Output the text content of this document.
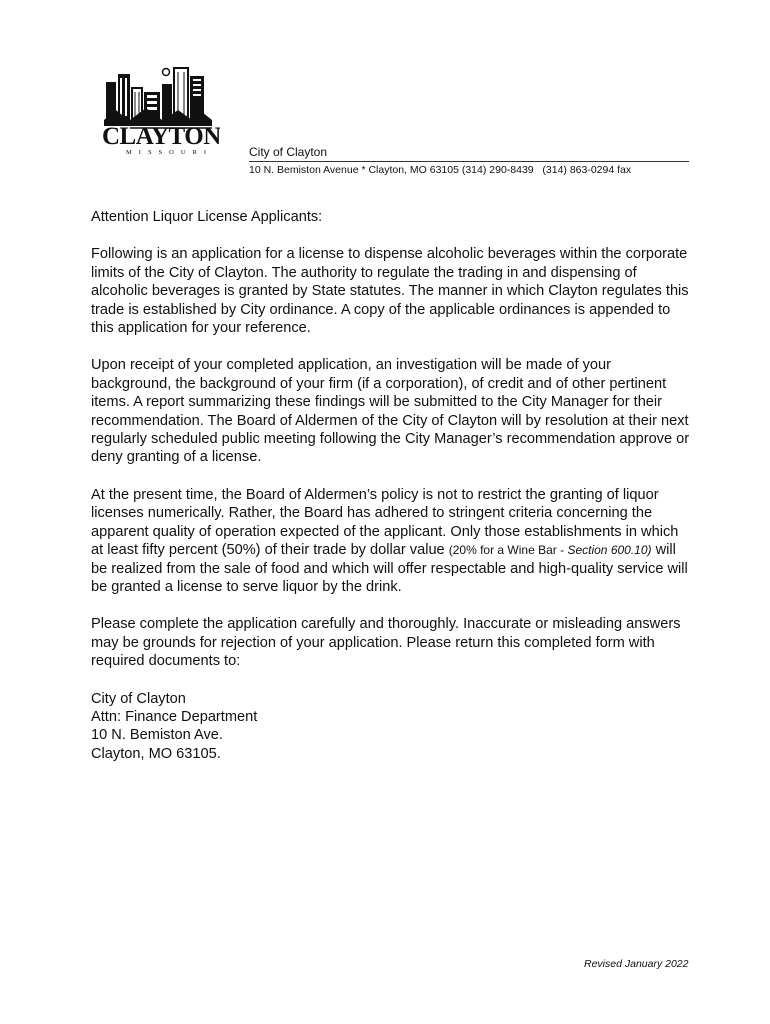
CLAYTON
MISSOURI	City of Clayton
10 N. Bemiston Avenue * Clayton, MO 63105 (314) 290-8439   (314) 863-0294 fax

Attention Liquor License Applicants:

Following is an application for a license to dispense alcoholic beverages within the corporate limits of the City of Clayton. The authority to regulate the trading in and dispensing of alcoholic beverages is granted by State statutes. The manner in which Clayton regulates this trade is established by City ordinance. A copy of the applicable ordinances is appended to this application for your reference.

Upon receipt of your completed application, an investigation will be made of your background, the background of your firm (if a corporation), of credit and of other pertinent items. A report summarizing these findings will be submitted to the City Manager for their recommendation. The Board of Aldermen of the City of Clayton will by resolution at their next regularly scheduled public meeting following the City Manager’s recommendation approve or deny granting of a license.

At the present time, the Board of Aldermen’s policy is not to restrict the granting of liquor licenses numerically. Rather, the Board has adhered to stringent criteria concerning the apparent quality of operation expected of the applicant. Only those establishments in which at least fifty percent (50%) of their trade by dollar value (20% for a Wine Bar - Section 600.10) will be realized from the sale of food and which will offer respectable and high-quality service will be granted a license to serve liquor by the drink.

Please complete the application carefully and thoroughly. Inaccurate or misleading answers may be grounds for rejection of your application. Please return this completed form with required documents to:

City of Clayton
Attn: Finance Department
10 N. Bemiston Ave.
Clayton, MO 63105.
Revised January 2022
